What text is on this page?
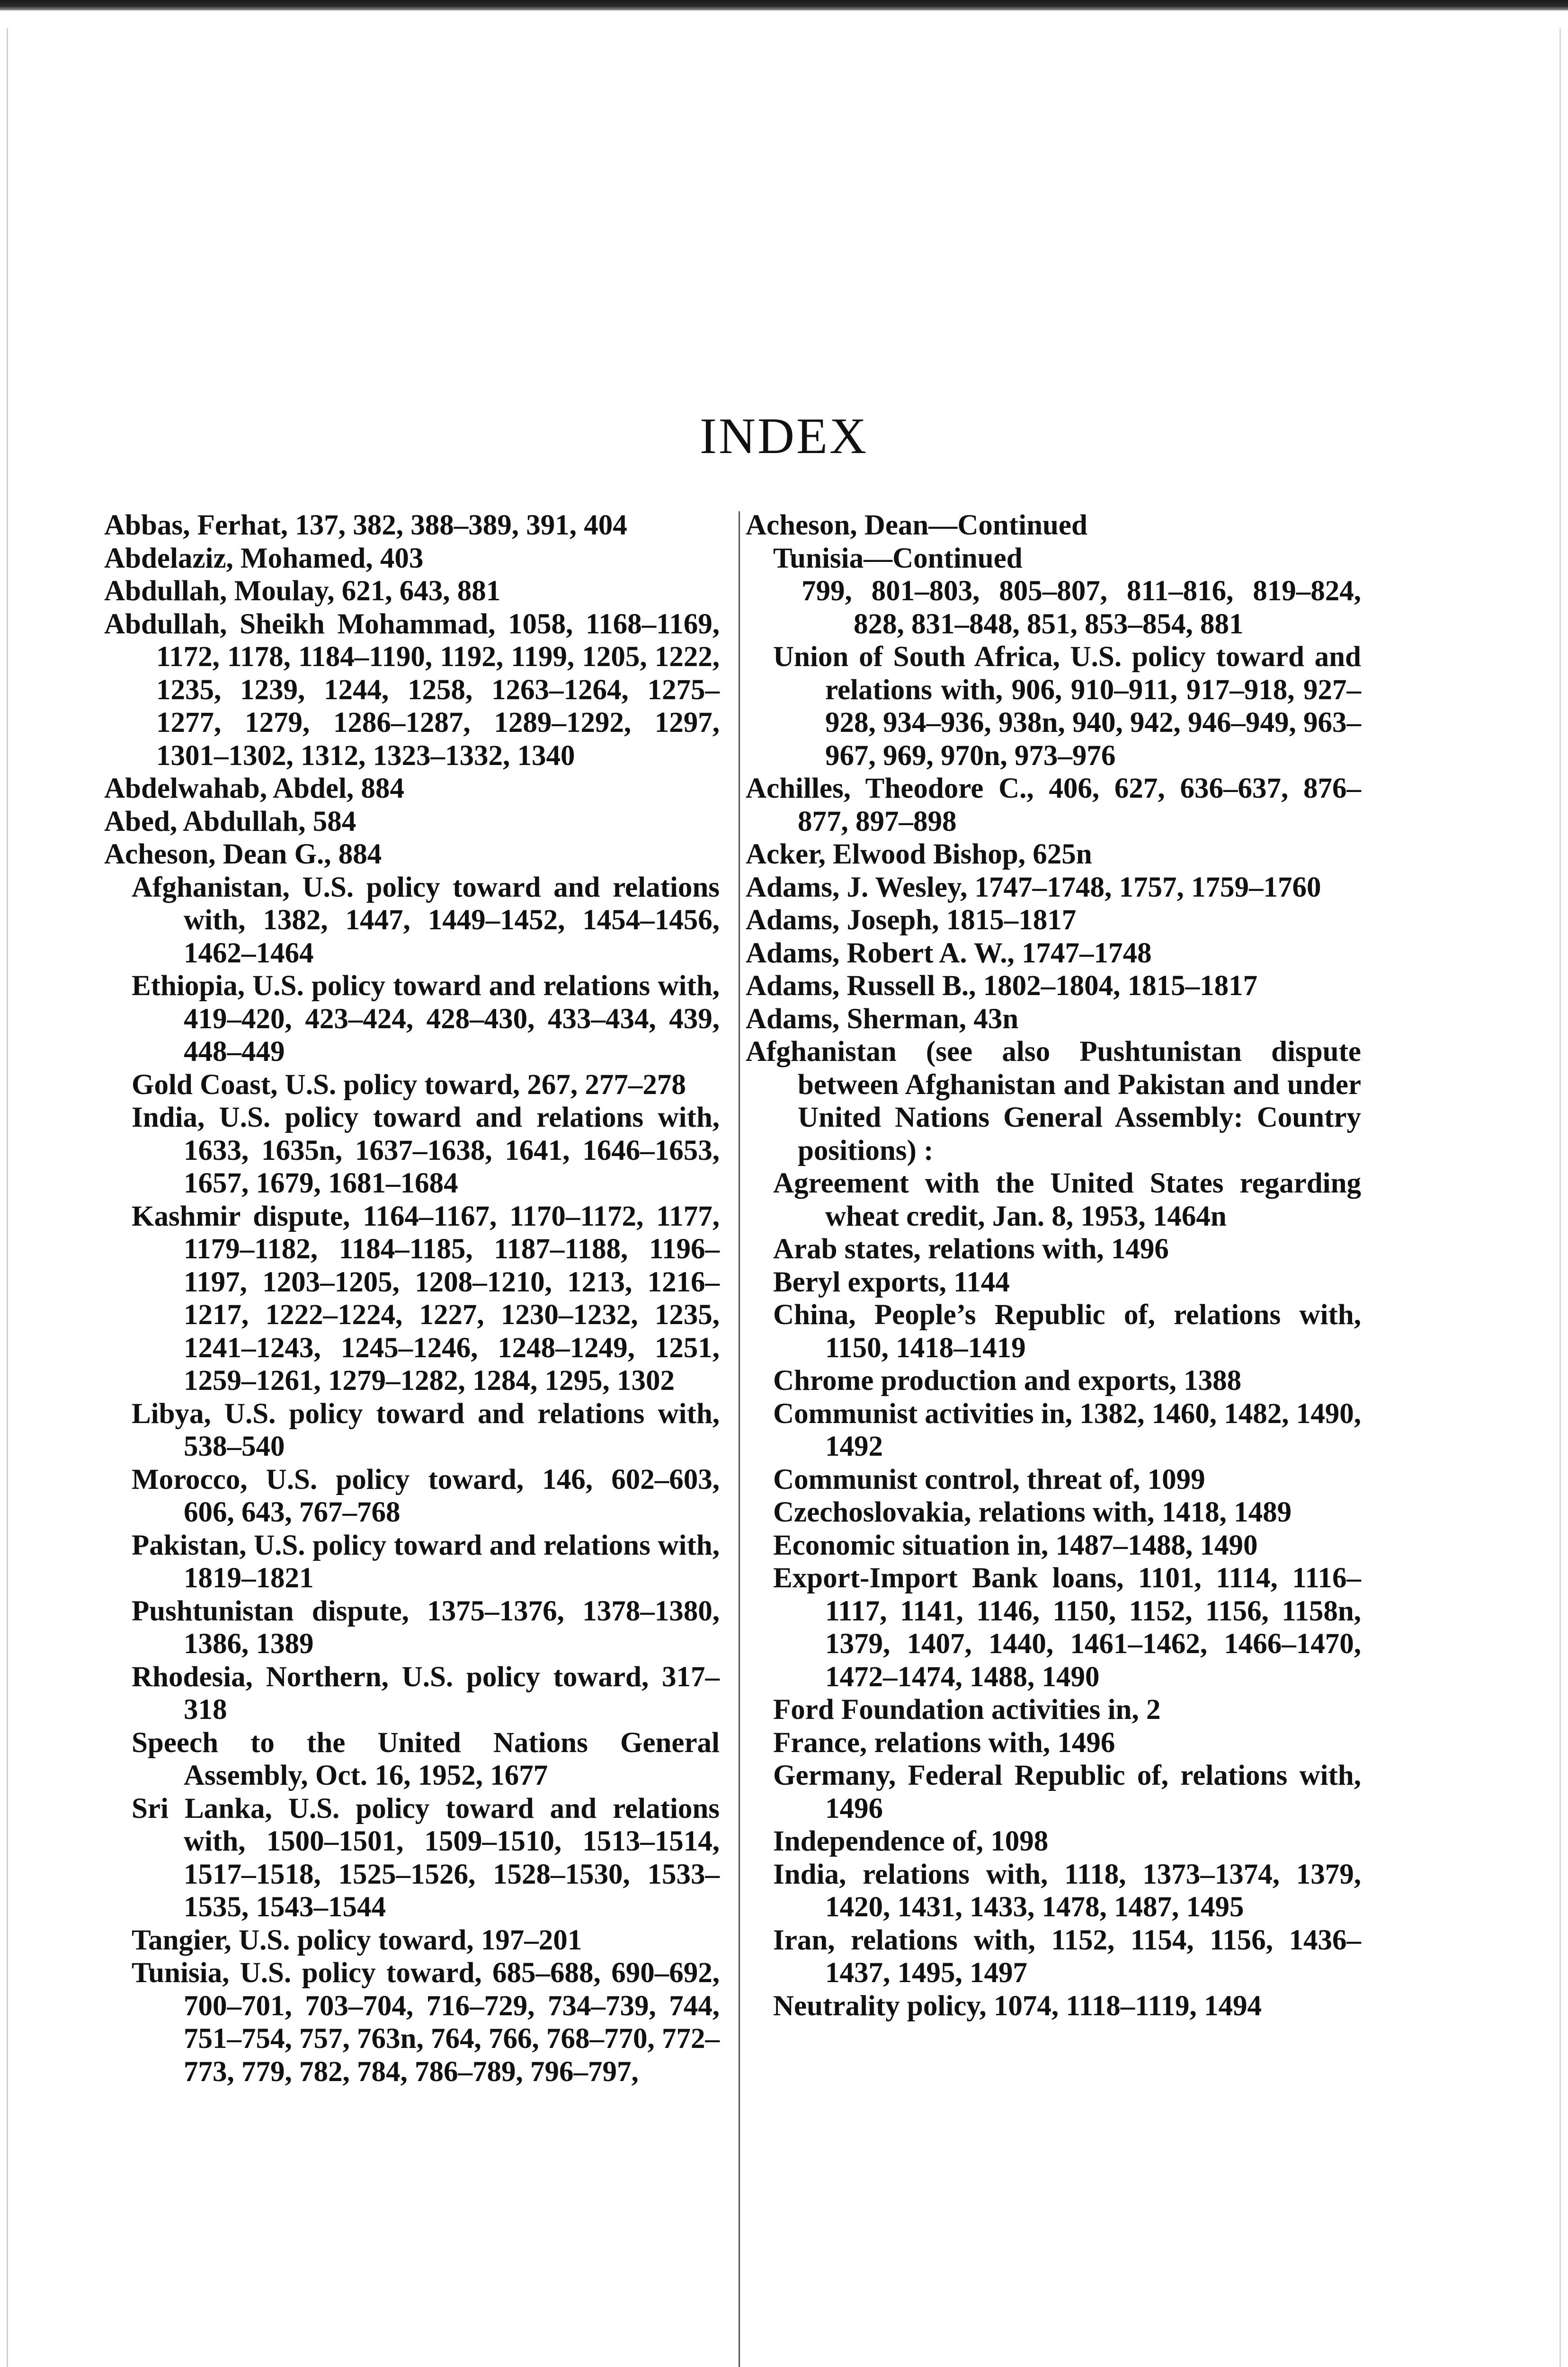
INDEX
Abbas, Ferhat, 137, 382, 388–389, 391, 404
Abdelaziz, Mohamed, 403
Abdullah, Moulay, 621, 643, 881
Abdullah, Sheikh Mohammad, 1058, 1168–1169, 1172, 1178, 1184–1190, 1192, 1199, 1205, 1222, 1235, 1239, 1244, 1258, 1263–1264, 1275–1277, 1279, 1286–1287, 1289–1292, 1297, 1301–1302, 1312, 1323–1332, 1340
Abdelwahab, Abdel, 884
Abed, Abdullah, 584
Acheson, Dean G., 884
Afghanistan, U.S. policy toward and relations with, 1382, 1447, 1449–1452, 1454–1456, 1462–1464
Ethiopia, U.S. policy toward and relations with, 419–420, 423–424, 428–430, 433–434, 439, 448–449
Gold Coast, U.S. policy toward, 267, 277–278
India, U.S. policy toward and relations with, 1633, 1635n, 1637–1638, 1641, 1646–1653, 1657, 1679, 1681–1684
Kashmir dispute, 1164–1167, 1170–1172, 1177, 1179–1182, 1184–1185, 1187–1188, 1196–1197, 1203–1205, 1208–1210, 1213, 1216–1217, 1222–1224, 1227, 1230–1232, 1235, 1241–1243, 1245–1246, 1248–1249, 1251, 1259–1261, 1279–1282, 1284, 1295, 1302
Libya, U.S. policy toward and relations with, 538–540
Morocco, U.S. policy toward, 146, 602–603, 606, 643, 767–768
Pakistan, U.S. policy toward and relations with, 1819–1821
Pushtunistan dispute, 1375–1376, 1378–1380, 1386, 1389
Rhodesia, Northern, U.S. policy toward, 317–318
Speech to the United Nations General Assembly, Oct. 16, 1952, 1677
Sri Lanka, U.S. policy toward and relations with, 1500–1501, 1509–1510, 1513–1514, 1517–1518, 1525–1526, 1528–1530, 1533–1535, 1543–1544
Tangier, U.S. policy toward, 197–201
Tunisia, U.S. policy toward, 685–688, 690–692, 700–701, 703–704, 716–729, 734–739, 744, 751–754, 757, 763n, 764, 766, 768–770, 772–773, 779, 782, 784, 786–789, 796–797,
Acheson, Dean—Continued
Tunisia—Continued
799, 801–803, 805–807, 811–816, 819–824, 828, 831–848, 851, 853–854, 881
Union of South Africa, U.S. policy toward and relations with, 906, 910–911, 917–918, 927–928, 934–936, 938n, 940, 942, 946–949, 963–967, 969, 970n, 973–976
Achilles, Theodore C., 406, 627, 636–637, 876–877, 897–898
Acker, Elwood Bishop, 625n
Adams, J. Wesley, 1747–1748, 1757, 1759–1760
Adams, Joseph, 1815–1817
Adams, Robert A. W., 1747–1748
Adams, Russell B., 1802–1804, 1815–1817
Adams, Sherman, 43n
Afghanistan (see also Pushtunistan dispute between Afghanistan and Pakistan and under United Nations General Assembly: Country positions) :
Agreement with the United States regarding wheat credit, Jan. 8, 1953, 1464n
Arab states, relations with, 1496
Beryl exports, 1144
China, People’s Republic of, relations with, 1150, 1418–1419
Chrome production and exports, 1388
Communist activities in, 1382, 1460, 1482, 1490, 1492
Communist control, threat of, 1099
Czechoslovakia, relations with, 1418, 1489
Economic situation in, 1487–1488, 1490
Export-Import Bank loans, 1101, 1114, 1116–1117, 1141, 1146, 1150, 1152, 1156, 1158n, 1379, 1407, 1440, 1461–1462, 1466–1470, 1472–1474, 1488, 1490
Ford Foundation activities in, 2
France, relations with, 1496
Germany, Federal Republic of, relations with, 1496
Independence of, 1098
India, relations with, 1118, 1373–1374, 1379, 1420, 1431, 1433, 1478, 1487, 1495
Iran, relations with, 1152, 1154, 1156, 1436–1437, 1495, 1497
Neutrality policy, 1074, 1118–1119, 1494
